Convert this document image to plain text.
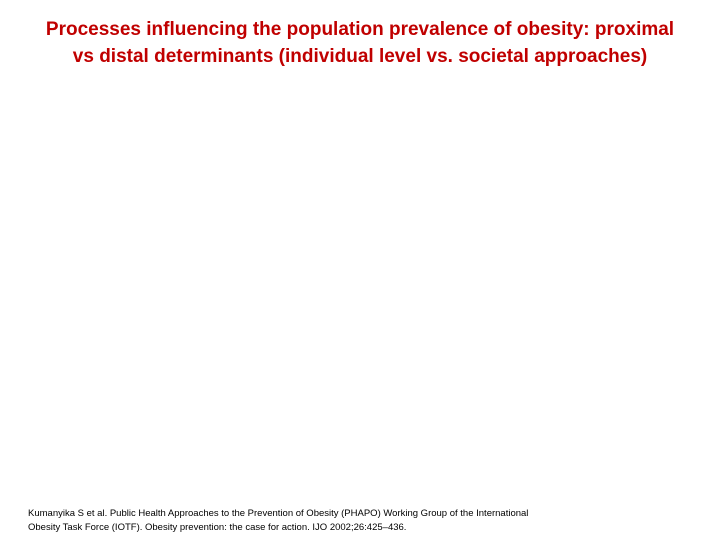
Processes influencing the population prevalence of obesity: proximal
vs distal determinants (individual level vs. societal approaches)
Kumanyika S et al. Public Health Approaches to the Prevention of Obesity (PHAPO) Working Group of the International
Obesity Task Force (IOTF). Obesity prevention: the case for action. IJO 2002;26:425–436.
